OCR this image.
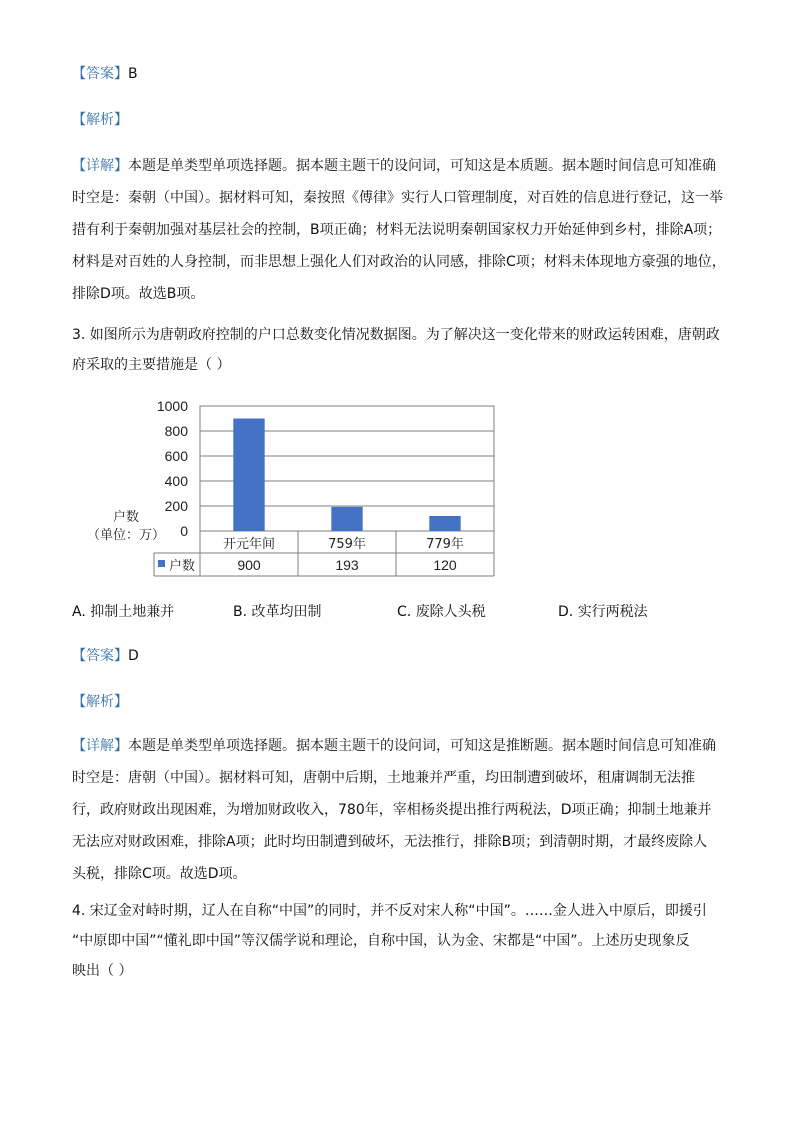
【答案】B

【解析】

【详解】本题是单类型单项选择题。据本题主题干的设问词，可知这是本质题。据本题时间信息可知准确
时空是：秦朝（中国）。据材料可知，秦按照《傅律》实行人口管理制度，对百姓的信息进行登记，这一举
措有利于秦朝加强对基层社会的控制，B项正确；材料无法说明秦朝国家权力开始延伸到乡村，排除A项；
材料是对百姓的人身控制，而非思想上强化人们对政治的认同感，排除C项；材料未体现地方豪强的地位，
排除D项。故选B项。
3. 如图所示为唐朝政府控制的户口总数变化情况数据图。为了解决这一变化带来的财政运转困难，唐朝政
府采取的主要措施是（ ）
0
200
400
600
800
1000
开元年间	759年	779年
900	193	120
户数
户数
（单位：万）
A. 抑制土地兼并	B. 改革均田制	C. 废除人头税	D. 实行两税法

【答案】D

【解析】

【详解】本题是单类型单项选择题。据本题主题干的设问词，可知这是推断题。据本题时间信息可知准确
时空是：唐朝（中国）。据材料可知，唐朝中后期，土地兼并严重，均田制遭到破坏，租庸调制无法推
行，政府财政出现困难，为增加财政收入，780年，宰相杨炎提出推行两税法，D项正确；抑制土地兼并
无法应对财政困难，排除A项；此时均田制遭到破坏，无法推行，排除B项；到清朝时期，才最终废除人
头税，排除C项。故选D项。
4. 宋辽金对峙时期，辽人在自称“中国”的同时，并不反对宋人称“中国”。……金人进入中原后，即援引
“中原即中国”“懂礼即中国”等汉儒学说和理论，自称中国，认为金、宋都是“中国”。上述历史现象反
映出（ ）
